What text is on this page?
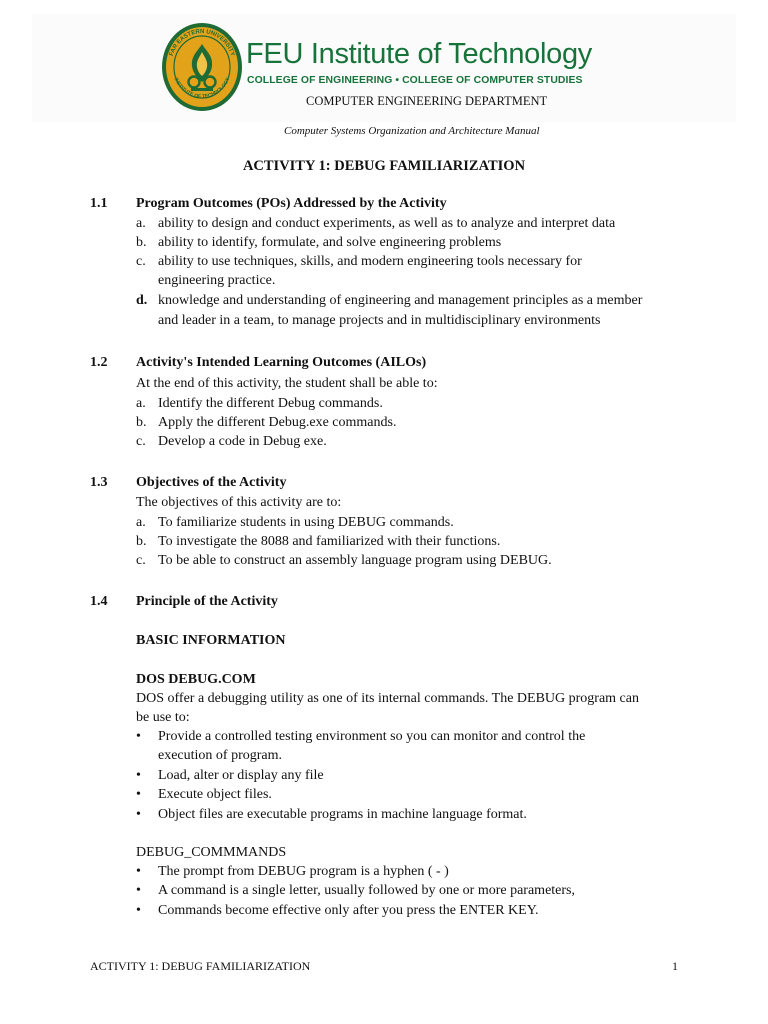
FAR EASTERN UNIVERSITY
INSTITUTE OF TECHNOLOGY
FEU Institute of Technology
COLLEGE OF ENGINEERING • COLLEGE OF COMPUTER STUDIES
COMPUTER ENGINEERING DEPARTMENT
Computer Systems Organization and Architecture Manual
ACTIVITY 1: DEBUG FAMILIARIZATION
1.1 Program Outcomes (POs) Addressed by the Activity
a. ability to design and conduct experiments, as well as to analyze and interpret data
b. ability to identify, formulate, and solve engineering problems
c. ability to use techniques, skills, and modern engineering tools necessary for
engineering practice.
d. knowledge and understanding of engineering and management principles as a member
and leader in a team, to manage projects and in multidisciplinary environments
1.2 Activity's Intended Learning Outcomes (AILOs)
At the end of this activity, the student shall be able to:
a. Identify the different Debug commands.
b. Apply the different Debug.exe commands.
c. Develop a code in Debug exe.
1.3 Objectives of the Activity
The objectives of this activity are to:
a. To familiarize students in using DEBUG commands.
b. To investigate the 8088 and familiarized with their functions.
c. To be able to construct an assembly language program using DEBUG.
1.4 Principle of the Activity
BASIC INFORMATION
DOS DEBUG.COM
DOS offer a debugging utility as one of its internal commands. The DEBUG program can
be use to:
• Provide a controlled testing environment so you can monitor and control the
execution of program.
• Load, alter or display any file
• Execute object files.
• Object files are executable programs in machine language format.
DEBUG_COMMMANDS
• The prompt from DEBUG program is a hyphen ( - )
• A command is a single letter, usually followed by one or more parameters,
• Commands become effective only after you press the ENTER KEY.
ACTIVITY 1: DEBUG FAMILIARIZATION	1
